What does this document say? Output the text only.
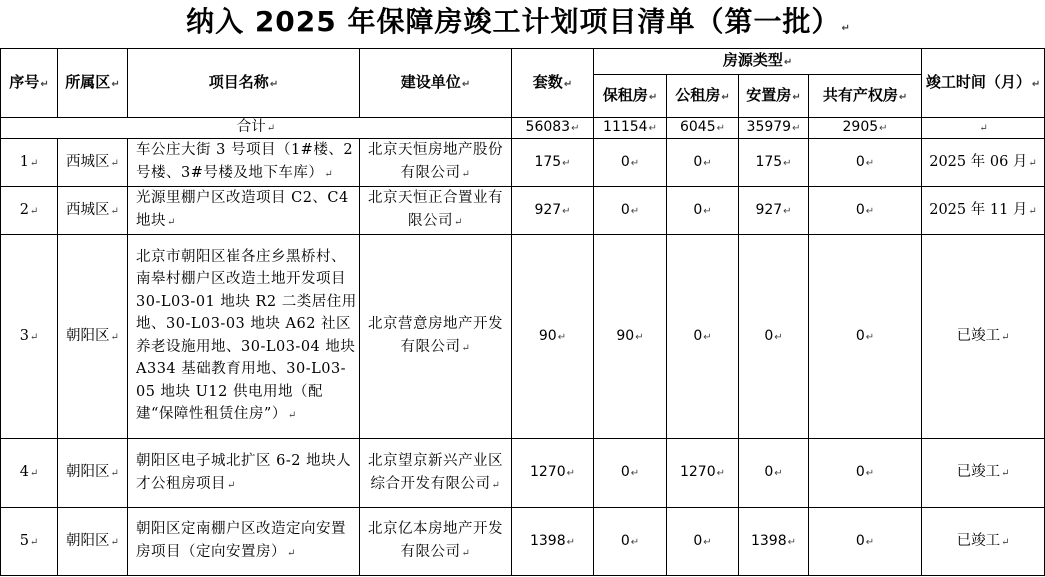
纳入 2025 年保障房竣工计划项目清单（第一批）↵
序号↵	所属区↵	项目名称↵	建设单位↵	套数↵	房源类型↵				竣工时间（月）↵
					保租房↵	公租房↵	安置房↵	共有产权房↵	
合计↵				56083↵	11154↵	6045↵	35979↵	2905↵	↵
1↵	西城区↵	车公庄大街 3 号项目（1#楼、2 号楼、3#号楼及地下车库）↵	北京天恒房地产股份有限公司↵	175↵	0↵	0↵	175↵	0↵	2025 年 06 月↵
2↵	西城区↵	光源里棚户区改造项目 C2、C4 地块↵	北京天恒正合置业有限公司↵	927↵	0↵	0↵	927↵	0↵	2025 年 11 月↵
3↵	朝阳区↵	北京市朝阳区崔各庄乡黑桥村、南皋村棚户区改造土地开发项目 30-L03-01 地块 R2 二类居住用地、30-L03-03 地块 A62 社区养老设施用地、30-L03-04 地块 A334 基础教育用地、30-L03-05 地块 U12 供电用地（配建“保障性租赁住房”）↵	北京营意房地产开发有限公司↵	90↵	90↵	0↵	0↵	0↵	已竣工↵
4↵	朝阳区↵	朝阳区电子城北扩区 6-2 地块人才公租房项目↵	北京望京新兴产业区综合开发有限公司↵	1270↵	0↵	1270↵	0↵	0↵	已竣工↵
5↵	朝阳区↵	朝阳区定南棚户区改造定向安置房项目（定向安置房）↵	北京亿本房地产开发有限公司↵	1398↵	0↵	0↵	1398↵	0↵	已竣工↵
